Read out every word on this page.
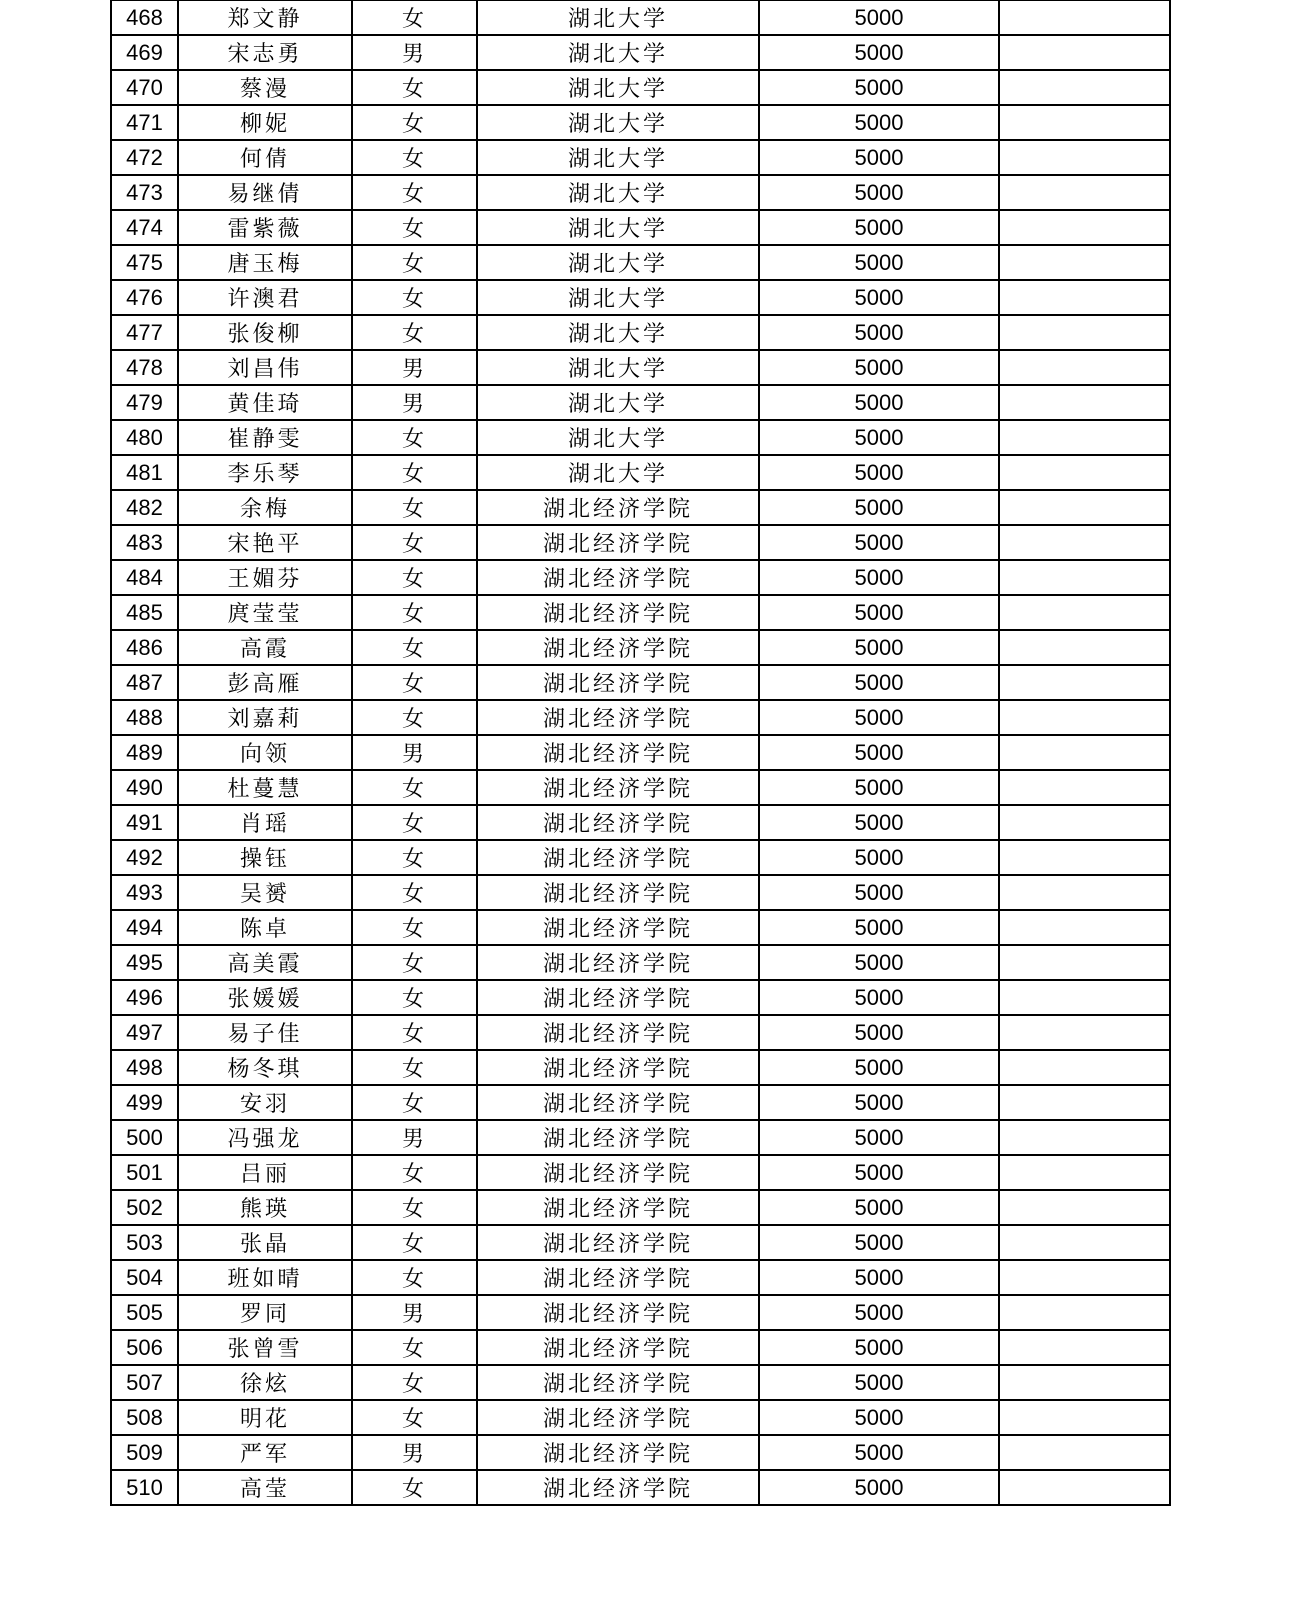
468	郑文静	女	湖北大学	5000	
469	宋志勇	男	湖北大学	5000	
470	蔡漫	女	湖北大学	5000	
471	柳妮	女	湖北大学	5000	
472	何倩	女	湖北大学	5000	
473	易继倩	女	湖北大学	5000	
474	雷紫薇	女	湖北大学	5000	
475	唐玉梅	女	湖北大学	5000	
476	许澳君	女	湖北大学	5000	
477	张俊柳	女	湖北大学	5000	
478	刘昌伟	男	湖北大学	5000	
479	黄佳琦	男	湖北大学	5000	
480	崔静雯	女	湖北大学	5000	
481	李乐琴	女	湖北大学	5000	
482	余梅	女	湖北经济学院	5000	
483	宋艳平	女	湖北经济学院	5000	
484	王媚芬	女	湖北经济学院	5000	
485	庹莹莹	女	湖北经济学院	5000	
486	高霞	女	湖北经济学院	5000	
487	彭高雁	女	湖北经济学院	5000	
488	刘嘉莉	女	湖北经济学院	5000	
489	向领	男	湖北经济学院	5000	
490	杜蔓慧	女	湖北经济学院	5000	
491	肖瑶	女	湖北经济学院	5000	
492	操钰	女	湖北经济学院	5000	
493	吴赟	女	湖北经济学院	5000	
494	陈卓	女	湖北经济学院	5000	
495	高美霞	女	湖北经济学院	5000	
496	张媛媛	女	湖北经济学院	5000	
497	易子佳	女	湖北经济学院	5000	
498	杨冬琪	女	湖北经济学院	5000	
499	安羽	女	湖北经济学院	5000	
500	冯强龙	男	湖北经济学院	5000	
501	吕丽	女	湖北经济学院	5000	
502	熊瑛	女	湖北经济学院	5000	
503	张晶	女	湖北经济学院	5000	
504	班如晴	女	湖北经济学院	5000	
505	罗同	男	湖北经济学院	5000	
506	张曾雪	女	湖北经济学院	5000	
507	徐炫	女	湖北经济学院	5000	
508	明花	女	湖北经济学院	5000	
509	严军	男	湖北经济学院	5000	
510	高莹	女	湖北经济学院	5000	
